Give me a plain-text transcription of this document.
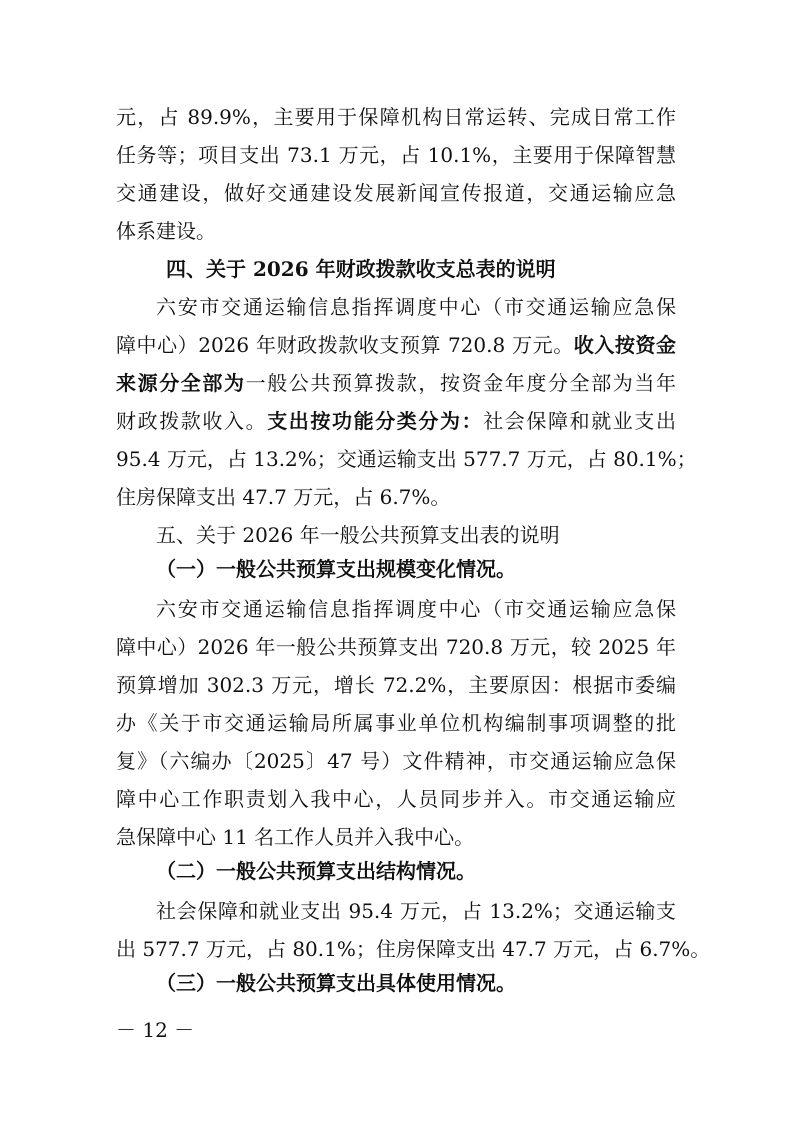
元，占 89.9%，主要用于保障机构日常运转、完成日常工作
任务等；项目支出 73.1 万元，占 10.1%，主要用于保障智慧
交通建设，做好交通建设发展新闻宣传报道，交通运输应急
体系建设。
四、关于 2026 年财政拨款收支总表的说明
六安市交通运输信息指挥调度中心（市交通运输应急保
障中心）2026 年财政拨款收支预算 720.8 万元。收入按资金
来源分全部为一般公共预算拨款，按资金年度分全部为当年
财政拨款收入。支出按功能分类分为：社会保障和就业支出
95.4 万元，占 13.2%；交通运输支出 577.7 万元，占 80.1%；
住房保障支出 47.7 万元，占 6.7%。
五、关于 2026 年一般公共预算支出表的说明
（一）一般公共预算支出规模变化情况。
六安市交通运输信息指挥调度中心（市交通运输应急保
障中心）2026 年一般公共预算支出 720.8 万元，较 2025 年
预算增加 302.3 万元，增长 72.2%，主要原因：根据市委编
办《关于市交通运输局所属事业单位机构编制事项调整的批
复》（六编办〔2025〕47 号）文件精神，市交通运输应急保
障中心工作职责划入我中心，人员同步并入。市交通运输应
急保障中心 11 名工作人员并入我中心。
（二）一般公共预算支出结构情况。
社会保障和就业支出 95.4 万元，占 13.2%；交通运输支
出 577.7 万元，占 80.1%；住房保障支出 47.7 万元，占 6.7%。
（三）一般公共预算支出具体使用情况。
－ 12 －
